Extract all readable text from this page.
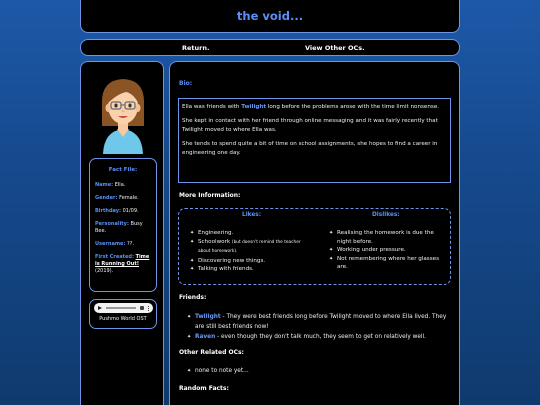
the void...
Return.	View Other OCs.
Fact File:
Name: Ella.
Gender: Female.
Birthday: 01/09.
Personality: Busy Bee.
Username: ??.
First Created: Time is Running Out! (2019).
Pushmo World OST
Bio:

Ella was friends with Twilight long before the problems arose with the time limit nonsense.

She kept in contact with her friend through online messaging and it was fairly recently that Twilight moved to where Ella was.

She tends to spend quite a bit of time on school assignments, she hopes to find a career in engineering one day.

More Information:
Likes:	Dislikes:
✦ Engineering.
✦ Schoolwork (but doesn't remind the teacher about homework).
✦ Discovering new things.
✦ Talking with friends.
✦ Realising the homework is due the night before.
✦ Working under pressure.
✦ Not remembering where her glasses are.
Friends:
✦ Twilight - They were best friends long before Twilight moved to where Ella lived. They are still best friends now!
✦ Raven - even though they don't talk much, they seem to get on relatively well.
Other Related OCs:
✦ none to note yet...
Random Facts:
